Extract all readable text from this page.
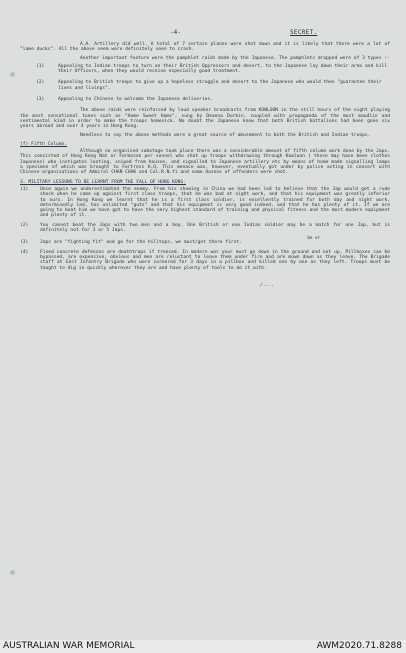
-4-	SECRET.

A.A. Artillery did well. A total of 7 certain planes were shot down and it is likely that there were a lot of "lame ducks". All the above seem were definitely seen to crash.

Another important feature were the pamphlet raids made by the Japanese. The pamphlets dropped were of 3 types :-

(1)	Appealing to Indian troops to turn on their British Oppressors and desert, to the Japanese lay down their arms and kill their Officers, when they would receive especially good treatment.
(2)	Appealing to British troops to give up a hopeless struggle and desert to the Japanese who would then "guarantee their lives and livings".
(3)	Appealing to Chinese to welcome the Japanese deliveries.

The above raids were reinforced by loud speaker broadcasts from KOWLOON in the still hours of the night playing the most sensational tunes such as "Home Sweet Home", sung by Deanna Durbin, coupled with propaganda of the most maudlin and sentimental kind in order to make the troops homesick. No doubt the Japanese knew that both British battalions had been gone six years abroad and over 4 years in Hong Kong.

Needless to say the above methods were a great source of amusement to both the British and Indian troops.

(f) Fifth Column.

Although no organised sabotage took place there was a considerable amount of fifth column work done by the Japs. This consisted of Hong Kong Nat or Formosan per sonnel who shot up troops withdrawing through Kowloon ( these may have been clothes Japanese) who instigates looting, sniped from houses, and signalled to Japanese artillery etc by means of home made signalling lamps a specimen of which was brought to Fortress H.Q. This menace was, however, eventually got under by police acting in concert with Chinese organisations of Admiral CHAN CHAK and Col.R.N.Yi and some dozens of offenders were shot.

3. MILITARY LESSONS TO BE LEARNT FROM THE FALL OF HONG KONG.
(1)	Once again we underestimated the enemy. From his showing in China we had been led to believe that the Jap would get a rude shock when he came up against first class troops, that he was bad at night work, and that his equipment was greatly inferior to ours. In Hong Kong we learnt that he is a first class soldier, is excellently trained for both day and night work, determinedly led, has unlimited "guts" and that his equipment is very good indeed, and that he has plenty of it. If we are going to beat him we have got to have the very highest standard of training and physical fitness and the most modern equipment and plenty of it.
(2)	You cannot beat the Japs with two men and a boy. One British or one Indian soldier may be a match for one Jap, but is definitely not for 3 or 5 Japs.
be or
(3)	Japs are "fighting fit" and go for the hilltops, we must/get there first.
(4)	Fixed concrete defences are deathtraps if trenced. In modern war your must go down in the ground and not up. Pillboxes can be bypassed, are expensive, obvious and men are reluctant to leave them under fire and are mown down as they leave. The Brigade staff at East Infantry Brigade who were cornered for 3 days in a pillbox and killed one by one as they left. Troops must be taught to dig in quickly wherever they are and have plenty of tools to do it with.
/....
AUSTRALIAN WAR MEMORIAL	AWM2020.71.8288
